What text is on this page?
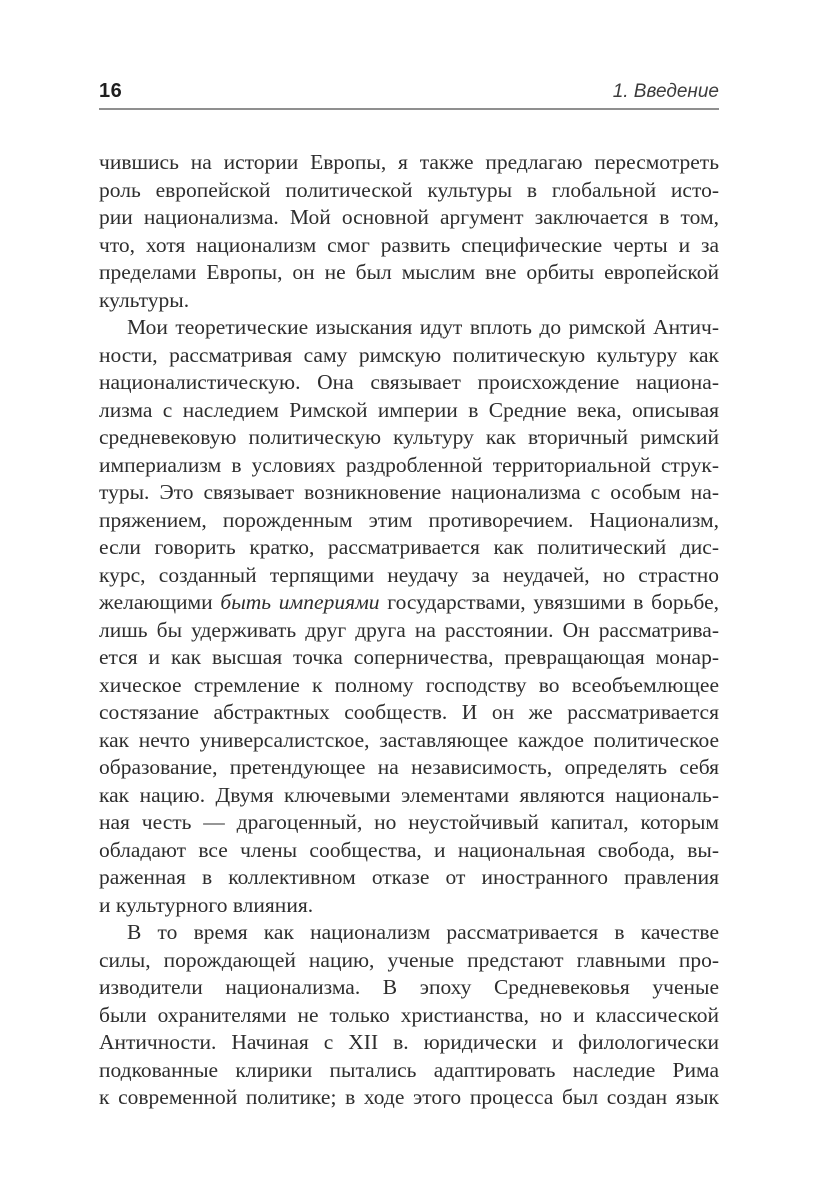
16	1. Введение
чившись на истории Европы, я также предлагаю пересмотреть
роль европейской политической культуры в глобальной исто-
рии национализма. Мой основной аргумент заключается в том,
что, хотя национализм смог развить специфические черты и за
пределами Европы, он не был мыслим вне орбиты европейской
культуры.
Мои теоретические изыскания идут вплоть до римской Антич-
ности, рассматривая саму римскую политическую культуру как
националистическую. Она связывает происхождение национа-
лизма с наследием Римской империи в Средние века, описывая
средневековую политическую культуру как вторичный римский
империализм в условиях раздробленной территориальной струк-
туры. Это связывает возникновение национализма с особым на-
пряжением, порожденным этим противоречием. Национализм,
если говорить кратко, рассматривается как политический дис-
курс, созданный терпящими неудачу за неудачей, но страстно
желающими быть империями государствами, увязшими в борьбе,
лишь бы удерживать друг друга на расстоянии. Он рассматрива-
ется и как высшая точка соперничества, превращающая монар-
хическое стремление к полному господству во всеобъемлющее
состязание абстрактных сообществ. И он же рассматривается
как нечто универсалистское, заставляющее каждое политическое
образование, претендующее на независимость, определять себя
как нацию. Двумя ключевыми элементами являются националь-
ная честь — драгоценный, но неустойчивый капитал, которым
обладают все члены сообщества, и национальная свобода, вы-
раженная в коллективном отказе от иностранного правления
и культурного влияния.
В то время как национализм рассматривается в качестве
силы, порождающей нацию, ученые предстают главными про-
изводители национализма. В эпоху Средневековья ученые
были охранителями не только христианства, но и классической
Античности. Начиная с XII в. юридически и филологически
подкованные клирики пытались адаптировать наследие Рима
к современной политике; в ходе этого процесса был создан язык
